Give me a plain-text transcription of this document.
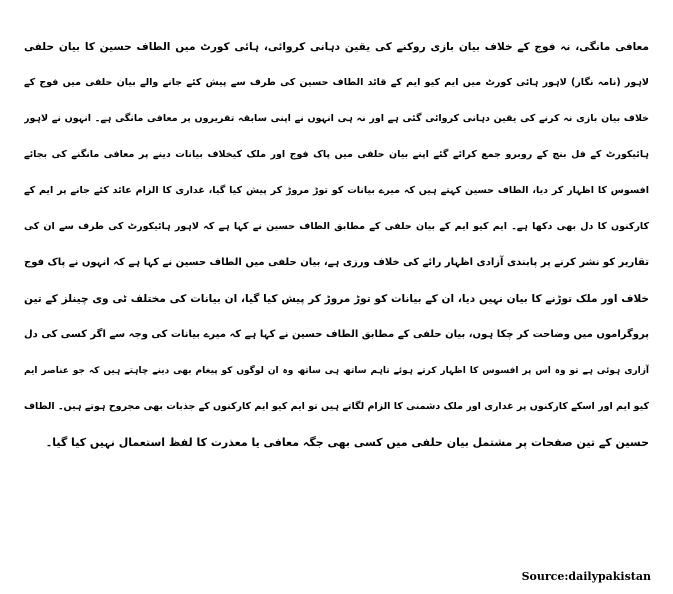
معافی مانگی، نہ فوج کے خلاف بیان بازی روکنے کی یقین دہانی کروائی، ہائی کورٹ میں الطاف حسین کا بیان حلفی
لاہور (نامہ نگار) لاہور ہائی کورٹ میں ایم کیو ایم کے قائد الطاف حسین کی طرف سے پیش کئے جانے والے بیان حلفی میں فوج کے
خلاف بیان بازی نہ کرنے کی یقین دہانی کروائی گئی ہے اور نہ ہی انہوں نے اپنی سابقہ تقریروں پر معافی مانگی ہے۔ انہوں نے لاہور
ہائیکورٹ کے فل بنچ کے روبرو جمع کرائے گئے اپنے بیان حلفی میں پاک فوج اور ملک کیخلاف بیانات دینے پر معافی مانگنے کی بجائے
افسوس کا اظہار کر دیا، الطاف حسین کہتے ہیں کہ میرے بیانات کو توڑ مروڑ کر پیش کیا گیا، غداری کا الزام عائد کئے جانے پر ایم کے
کارکنوں کا دل بھی دکھا ہے۔ ایم کیو ایم کے بیان حلفی کے مطابق الطاف حسین نے کہا ہے کہ لاہور ہائیکورٹ کی طرف سے ان کی
تقاریر کو نشر کرنے پر پابندی آزادی اظہار رائے کی خلاف ورزی ہے، بیان حلفی میں الطاف حسین نے کہا ہے کہ انہوں نے پاک فوج
خلاف اور ملک توڑنے کا بیان نہیں دیا، ان کے بیانات کو توڑ مروڑ کر پیش کیا گیا، ان بیانات کی مختلف ٹی وی چینلز کے تین
پروگراموں میں وضاحت کر چکا ہوں، بیان حلفی کے مطابق الطاف حسین نے کہا ہے کہ میرے بیانات کی وجہ سے اگر کسی کی دل
آزاری ہوئی ہے تو وہ اس پر افسوس کا اظہار کرتے ہوئے تاہم ساتھ ہی ساتھ وہ ان لوگوں کو پیغام بھی دینے چاہتے ہیں کہ جو عناصر ایم
کیو ایم اور اسکے کارکنوں پر غداری اور ملک دشمنی کا الزام لگاتے ہیں تو ایم کیو ایم کارکنوں کے جذبات بھی مجروح ہوتے ہیں۔ الطاف
حسین کے تین صفحات پر مشتمل بیان حلفی میں کسی بھی جگہ معافی یا معذرت کا لفظ استعمال نہیں کیا گیا۔
Source:dailypakistan
